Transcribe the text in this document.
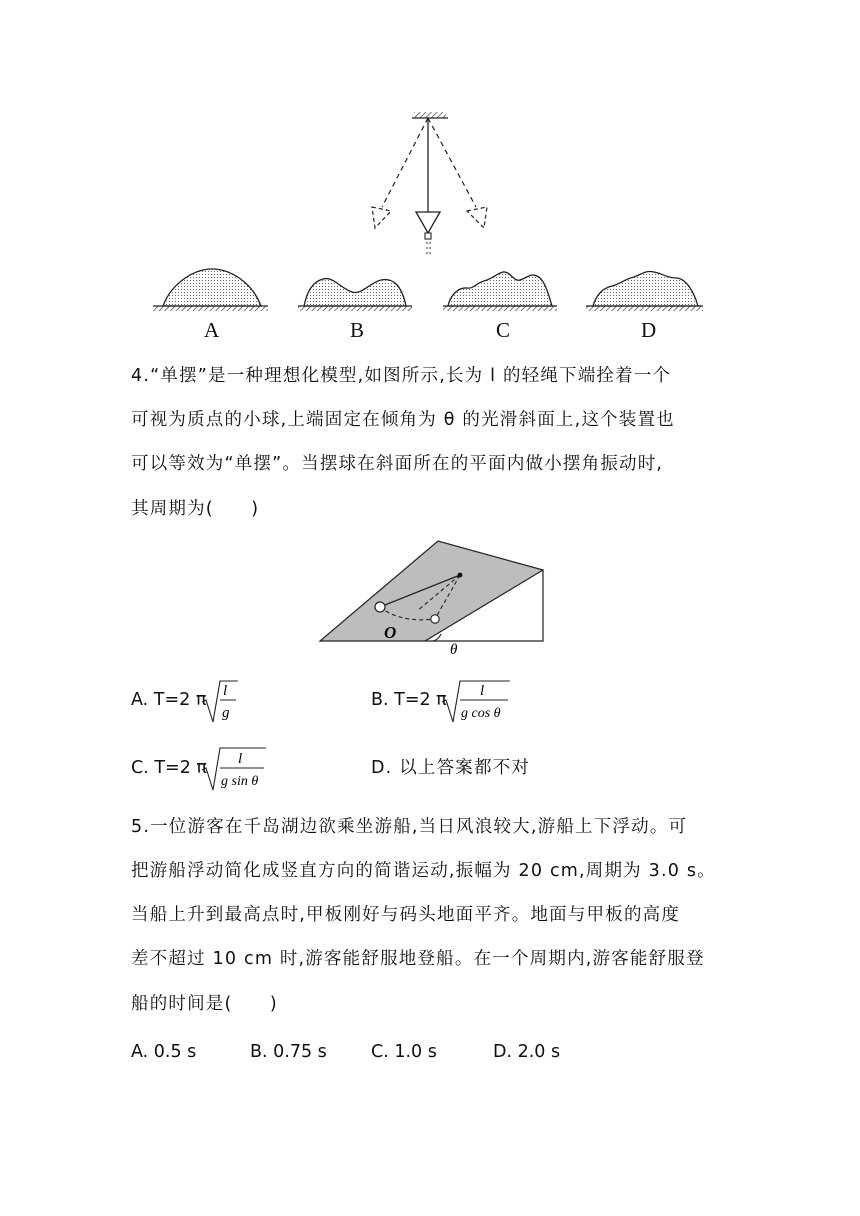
A	B	C	D
4.“单摆”是一种理想化模型,如图所示,长为 l 的轻绳下端拴着一个
可视为质点的小球,上端固定在倾角为 θ 的光滑斜面上,这个装置也
可以等效为“单摆”。当摆球在斜面所在的平面内做小摆角振动时,
其周期为(　　)
O
θ
A. T=2 π l
g
B. T=2 π l
g cos θ
C. T=2 π l
g sin θ
D. 以上答案都不对
5.一位游客在千岛湖边欲乘坐游船,当日风浪较大,游船上下浮动。可
把游船浮动简化成竖直方向的简谐运动,振幅为 20 cm,周期为 3.0 s。
当船上升到最高点时,甲板刚好与码头地面平齐。地面与甲板的高度
差不超过 10 cm 时,游客能舒服地登船。在一个周期内,游客能舒服登
船的时间是(　　)
A. 0.5 s	B. 0.75 s	C. 1.0 s	D. 2.0 s
